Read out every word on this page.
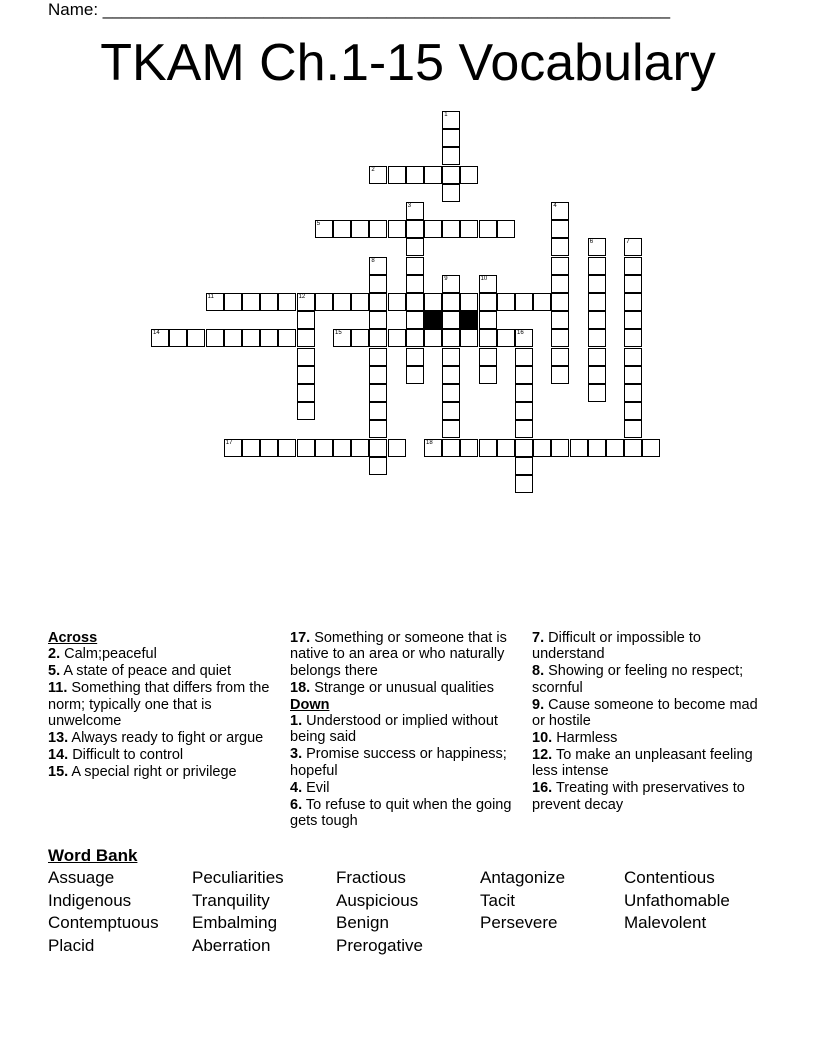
Name: ____________________________________________________________
TKAM Ch.1-15 Vocabulary
2
5
11	12
14	15	16
17	18
1
3	4
6	7
8
9	10
Across
2. Calm;peaceful
5. A state of peace and quiet
11. Something that differs from the norm; typically one that is unwelcome
13. Always ready to fight or argue
14. Difficult to control
15. A special right or privilege
17. Something or someone that is native to an area or who naturally belongs there
18. Strange or unusual qualities
Down
1. Understood or implied without being said
3. Promise success or happiness; hopeful
4. Evil
6. To refuse to quit when the going gets tough
7. Difficult or impossible to understand
8. Showing or feeling no respect; scornful
9. Cause someone to become mad or hostile
10. Harmless
12. To make an unpleasant feeling less intense
16. Treating with preservatives to prevent decay
Word Bank
Assuage	Peculiarities	Fractious	Antagonize	Contentious
Indigenous	Tranquility	Auspicious	Tacit	Unfathomable
Contemptuous Embalming	Benign	Persevere	Malevolent
Placid	Aberration	Prerogative
